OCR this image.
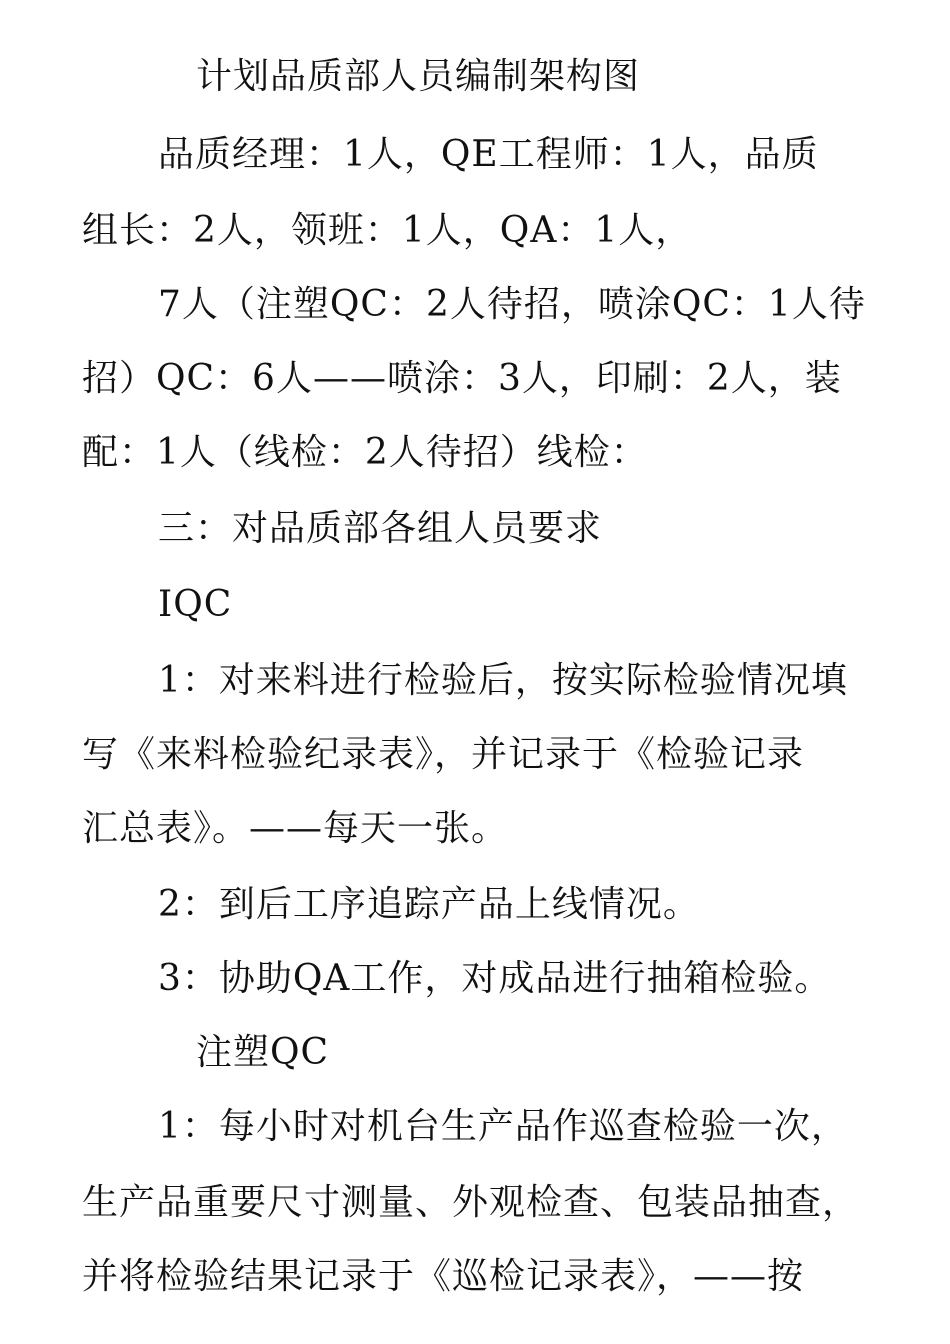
计划品质部人员编制架构图
品质经理：1人，QE工程师：1人，品质
组长：2人，领班：1人，QA：1人，
7人（注塑QC：2人待招，喷涂QC：1人待
招）QC：6人——喷涂：3人，印刷：2人，装
配：1人（线检：2人待招）线检：
三：对品质部各组人员要求
IQC
1：对来料进行检验后，按实际检验情况填
写《来料检验纪录表》，并记录于《检验记录
汇总表》。——每天一张。
2：到后工序追踪产品上线情况。
3：协助QA工作，对成品进行抽箱检验。
注塑QC
1：每小时对机台生产品作巡查检验一次，
生产品重要尺寸测量、外观检查、包装品抽查，
并将检验结果记录于《巡检记录表》，——按
